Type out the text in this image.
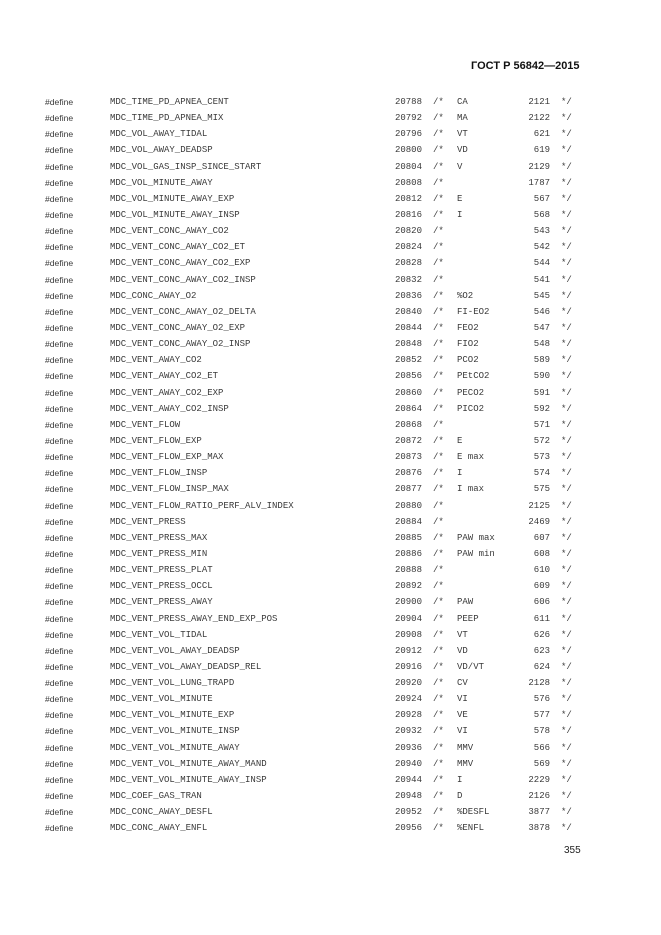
ГОСТ Р 56842—2015
#define	MDC_TIME_PD_APNEA_CENT	20788 /* CA	2121 */
#define	MDC_TIME_PD_APNEA_MIX	20792 /* MA	2122 */
#define	MDC_VOL_AWAY_TIDAL	20796 /* VT	621 */
#define	MDC_VOL_AWAY_DEADSP	20800 /* VD	619 */
#define	MDC_VOL_GAS_INSP_SINCE_START	20804 /* V	2129 */
#define	MDC_VOL_MINUTE_AWAY	20808 /*	1787 */
#define	MDC_VOL_MINUTE_AWAY_EXP	20812 /* E	567 */
#define	MDC_VOL_MINUTE_AWAY_INSP	20816 /* I	568 */
#define	MDC_VENT_CONC_AWAY_CO2	20820 /*	543 */
#define	MDC_VENT_CONC_AWAY_CO2_ET	20824 /*	542 */
#define	MDC_VENT_CONC_AWAY_CO2_EXP	20828 /*	544 */
#define	MDC_VENT_CONC_AWAY_CO2_INSP	20832 /*	541 */
#define	MDC_CONC_AWAY_O2	20836 /* %O2	545 */
#define	MDC_VENT_CONC_AWAY_O2_DELTA	20840 /* FI-EO2	546 */
#define	MDC_VENT_CONC_AWAY_O2_EXP	20844 /* FEO2	547 */
#define	MDC_VENT_CONC_AWAY_O2_INSP	20848 /* FIO2	548 */
#define	MDC_VENT_AWAY_CO2	20852 /* PCO2	589 */
#define	MDC_VENT_AWAY_CO2_ET	20856 /* PEtCO2	590 */
#define	MDC_VENT_AWAY_CO2_EXP	20860 /* PECO2	591 */
#define	MDC_VENT_AWAY_CO2_INSP	20864 /* PICO2	592 */
#define	MDC_VENT_FLOW	20868 /*	571 */
#define	MDC_VENT_FLOW_EXP	20872 /* E	572 */
#define	MDC_VENT_FLOW_EXP_MAX	20873 /* E max	573 */
#define	MDC_VENT_FLOW_INSP	20876 /* I	574 */
#define	MDC_VENT_FLOW_INSP_MAX	20877 /* I max	575 */
#define	MDC_VENT_FLOW_RATIO_PERF_ALV_INDEX	20880 /*	2125 */
#define	MDC_VENT_PRESS	20884 /*	2469 */
#define	MDC_VENT_PRESS_MAX	20885 /* PAW max	607 */
#define	MDC_VENT_PRESS_MIN	20886 /* PAW min	608 */
#define	MDC_VENT_PRESS_PLAT	20888 /*	610 */
#define	MDC_VENT_PRESS_OCCL	20892 /*	609 */
#define	MDC_VENT_PRESS_AWAY	20900 /* PAW	606 */
#define	MDC_VENT_PRESS_AWAY_END_EXP_POS	20904 /* PEEP	611 */
#define	MDC_VENT_VOL_TIDAL	20908 /* VT	626 */
#define	MDC_VENT_VOL_AWAY_DEADSP	20912 /* VD	623 */
#define	MDC_VENT_VOL_AWAY_DEADSP_REL	20916 /* VD/VT	624 */
#define	MDC_VENT_VOL_LUNG_TRAPD	20920 /* CV	2128 */
#define	MDC_VENT_VOL_MINUTE	20924 /* VI	576 */
#define	MDC_VENT_VOL_MINUTE_EXP	20928 /* VE	577 */
#define	MDC_VENT_VOL_MINUTE_INSP	20932 /* VI	578 */
#define	MDC_VENT_VOL_MINUTE_AWAY	20936 /* MMV	566 */
#define	MDC_VENT_VOL_MINUTE_AWAY_MAND	20940 /* MMV	569 */
#define	MDC_VENT_VOL_MINUTE_AWAY_INSP	20944 /* I	2229 */
#define	MDC_COEF_GAS_TRAN	20948 /* D	2126 */
#define	MDC_CONC_AWAY_DESFL	20952 /* %DESFL	3877 */
#define	MDC_CONC_AWAY_ENFL	20956 /* %ENFL	3878 */
355
